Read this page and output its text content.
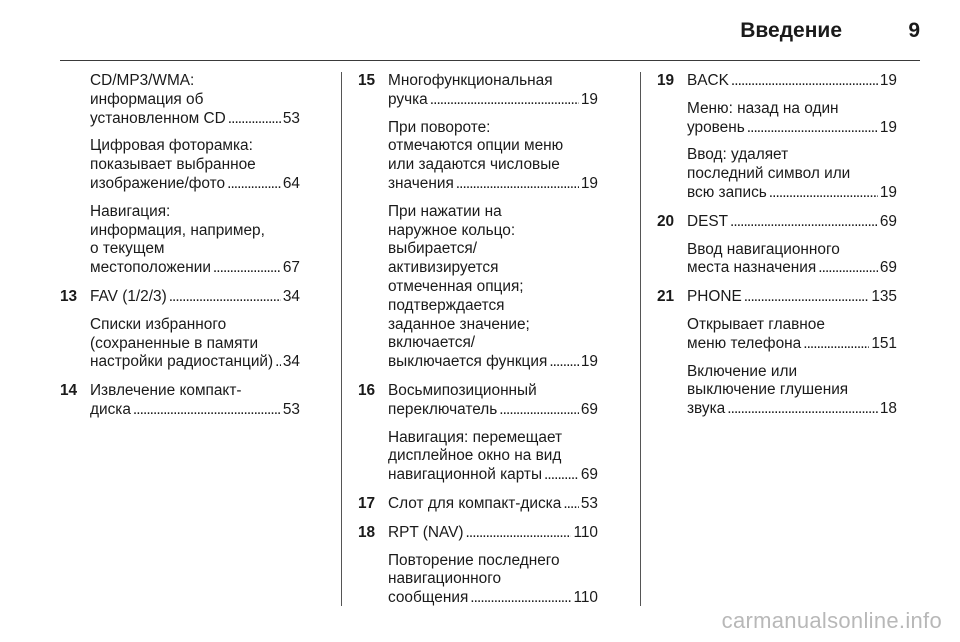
Введение	9
CD/MP3/WMA:
информация об
установленном CD . . .	53
Цифровая фоторамка:
показывает выбранное
изображение/фото . . .	64
Навигация:
информация, например,
о текущем
местоположении . . .	67
13 FAV (1/2/3) . . .	34
Списки избранного
(сохраненные в памяти
настройки радиостанций) . . . 34
14 Извлечение компакт-
диска . . .	53
15 Многофункциональная
ручка . . .	19
При повороте:
отмечаются опции меню
или задаются числовые
значения . . .	19
При нажатии на
наружное кольцо:
выбирается/
активизируется
отмеченная опция;
подтверждается
заданное значение;
включается/
выключается функция . . . 19
16 Восьмипозиционный
переключатель . . .	69
Навигация: перемещает
дисплейное окно на вид
навигационной карты . . .	69
17 Слот для компакт-диска . . . 53
18 RPT (NAV) . . .	110
Повторение последнего
навигационного
сообщения . . .	110
19 BACK . . .	19
Меню: назад на один
уровень . . .	19
Ввод: удаляет
последний символ или
всю запись . . .	19
20 DEST . . .	69
Ввод навигационного
места назначения . . .	69
21 PHONE . . .	135
Открывает главное
меню телефона . . .	151
Включение или
выключение глушения
звука . . .	18
carmanualsonline.info
